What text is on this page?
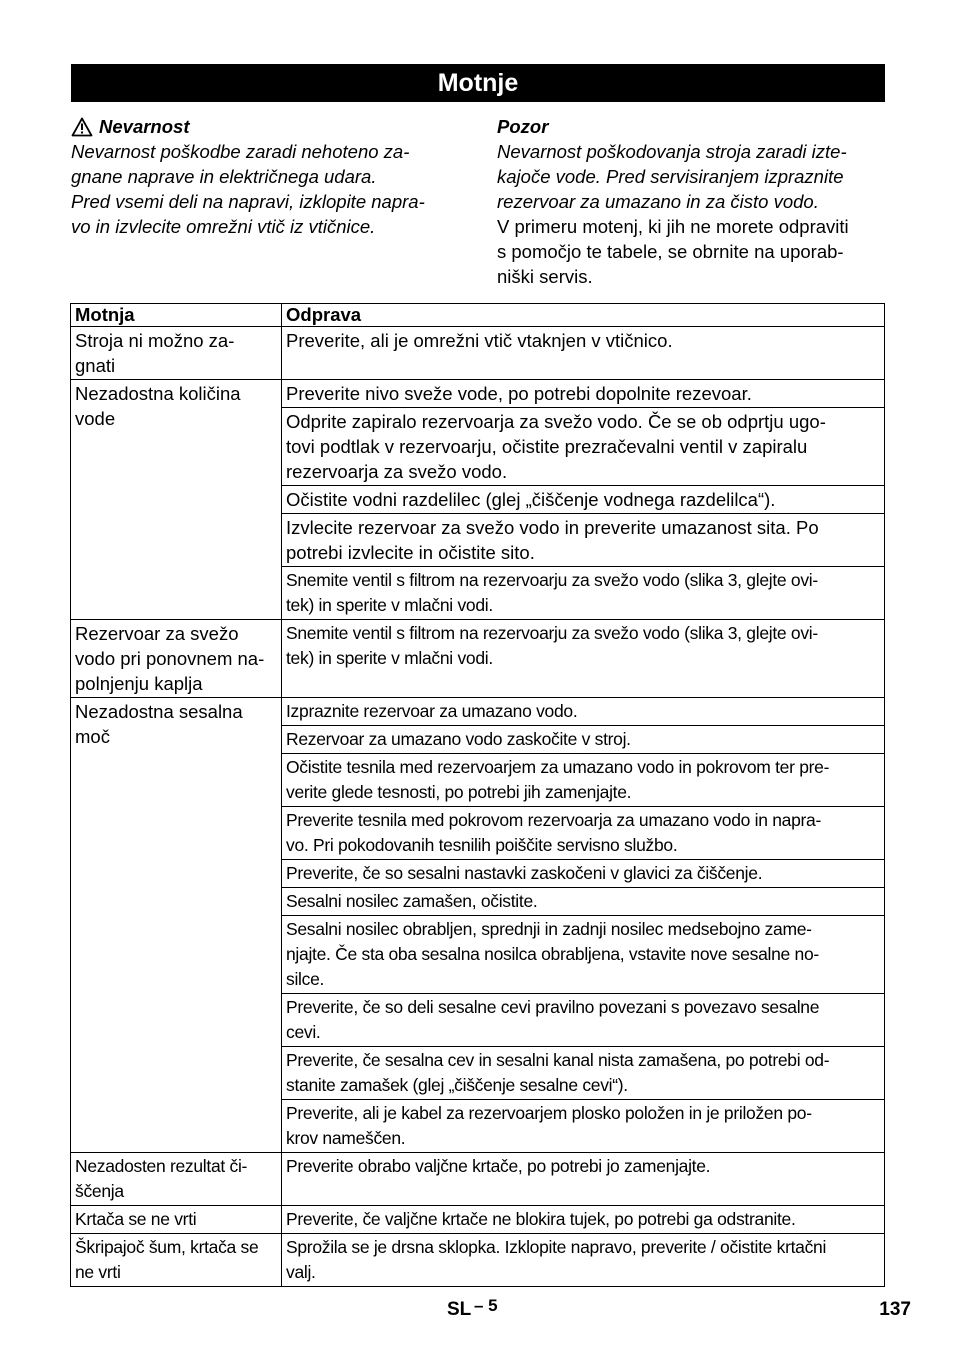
Motnje
Nevarnost
Nevarnost poškodbe zaradi nehoteno za-
gnane naprave in električnega udara.
Pred vsemi deli na napravi, izklopite napra-
vo in izvlecite omrežni vtič iz vtičnice.
Pozor
Nevarnost poškodovanja stroja zaradi izte-
kajoče vode. Pred servisiranjem izpraznite
rezervoar za umazano in za čisto vodo.
V primeru motenj, ki jih ne morete odpraviti
s pomočjo te tabele, se obrnite na uporab-
niški servis.
Motnja	Odprava
Stroja ni možno za-
gnati	Preverite, ali je omrežni vtič vtaknjen v vtičnico.
Nezadostna količina
vode	Preverite nivo sveže vode, po potrebi dopolnite rezevoar.
	Odprite zapiralo rezervoarja za svežo vodo. Če se ob odprtju ugo-
tovi podtlak v rezervoarju, očistite prezračevalni ventil v zapiralu
rezervoarja za svežo vodo.
	Očistite vodni razdelilec (glej „čiščenje vodnega razdelilca“).
	Izvlecite rezervoar za svežo vodo in preverite umazanost sita. Po
potrebi izvlecite in očistite sito.
	Snemite ventil s filtrom na rezervoarju za svežo vodo (slika 3, glejte ovi-
tek) in sperite v mlačni vodi.
Rezervoar za svežo
vodo pri ponovnem na-
polnjenju kaplja	Snemite ventil s filtrom na rezervoarju za svežo vodo (slika 3, glejte ovi-
tek) in sperite v mlačni vodi.
Nezadostna sesalna
moč	Izpraznite rezervoar za umazano vodo.
	Rezervoar za umazano vodo zaskočite v stroj.
	Očistite tesnila med rezervoarjem za umazano vodo in pokrovom ter pre-
verite glede tesnosti, po potrebi jih zamenjajte.
	Preverite tesnila med pokrovom rezervoarja za umazano vodo in napra-
vo. Pri pokodovanih tesnilih poiščite servisno službo.
	Preverite, če so sesalni nastavki zaskočeni v glavici za čiščenje.
	Sesalni nosilec zamašen, očistite.
	Sesalni nosilec obrabljen, sprednji in zadnji nosilec medsebojno zame-
njajte. Če sta oba sesalna nosilca obrabljena, vstavite nove sesalne no-
silce.
	Preverite, če so deli sesalne cevi pravilno povezani s povezavo sesalne
cevi.
	Preverite, če sesalna cev in sesalni kanal nista zamašena, po potrebi od-
stanite zamašek (glej „čiščenje sesalne cevi“).
	Preverite, ali je kabel za rezervoarjem plosko položen in je priložen po-
krov nameščen.
Nezadosten rezultat či-
ščenja	Preverite obrabo valjčne krtače, po potrebi jo zamenjajte.
Krtača se ne vrti	Preverite, če valjčne krtače ne blokira tujek, po potrebi ga odstranite.
Škripajoč šum, krtača se
ne vrti	Sprožila se je drsna sklopka. Izklopite napravo, preverite / očistite krtačni
valj.
SL – 5	137
